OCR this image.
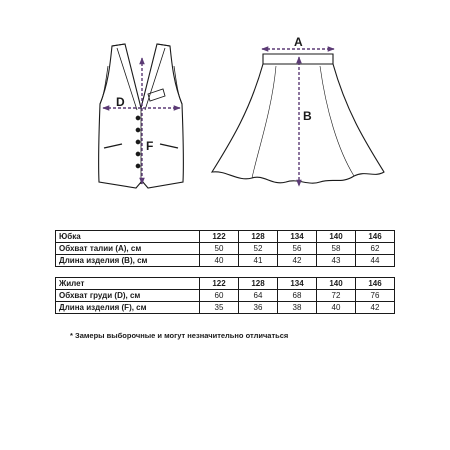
D
F
A
B
Юбка	122	128	134	140	146
Обхват талии (A), см	50	52	56	58	62
Длина изделия (B), см	40	41	42	43	44
Жилет	122	128	134	140	146
Обхват груди (D), см	60	64	68	72	76
Длина изделия (F), см	35	36	38	40	42
* Замеры выборочные и могут незначительно отличаться
